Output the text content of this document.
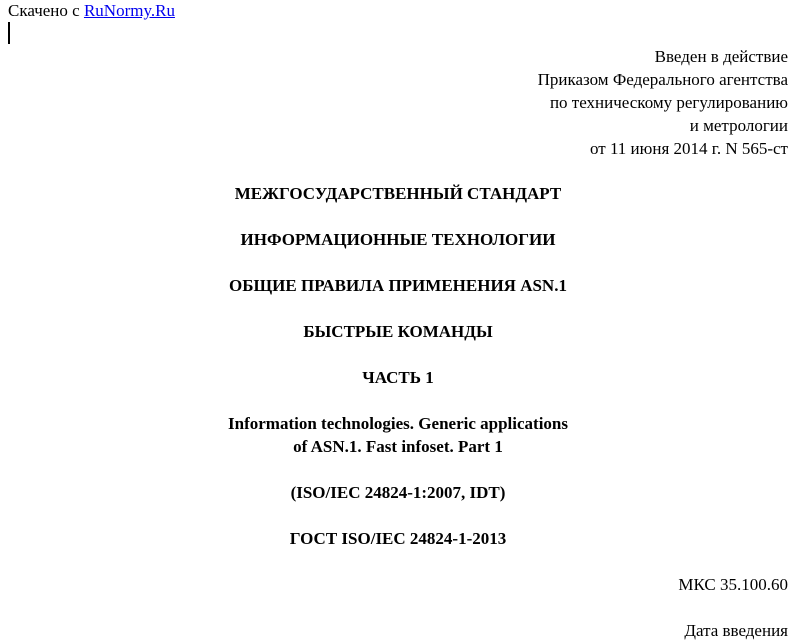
Скачено с RuNormy.Ru
Введен в действие
Приказом Федерального агентства
по техническому регулированию
и метрологии
от 11 июня 2014 г. N 565-ст
МЕЖГОСУДАРСТВЕННЫЙ СТАНДАРТ
ИНФОРМАЦИОННЫЕ ТЕХНОЛОГИИ
ОБЩИЕ ПРАВИЛА ПРИМЕНЕНИЯ ASN.1
БЫСТРЫЕ КОМАНДЫ
ЧАСТЬ 1
Information technologies. Generic applications
of ASN.1. Fast infoset. Part 1
(ISO/IEC 24824-1:2007, IDT)
ГОСТ ISO/IEC 24824-1-2013
МКС 35.100.60
Дата введения
